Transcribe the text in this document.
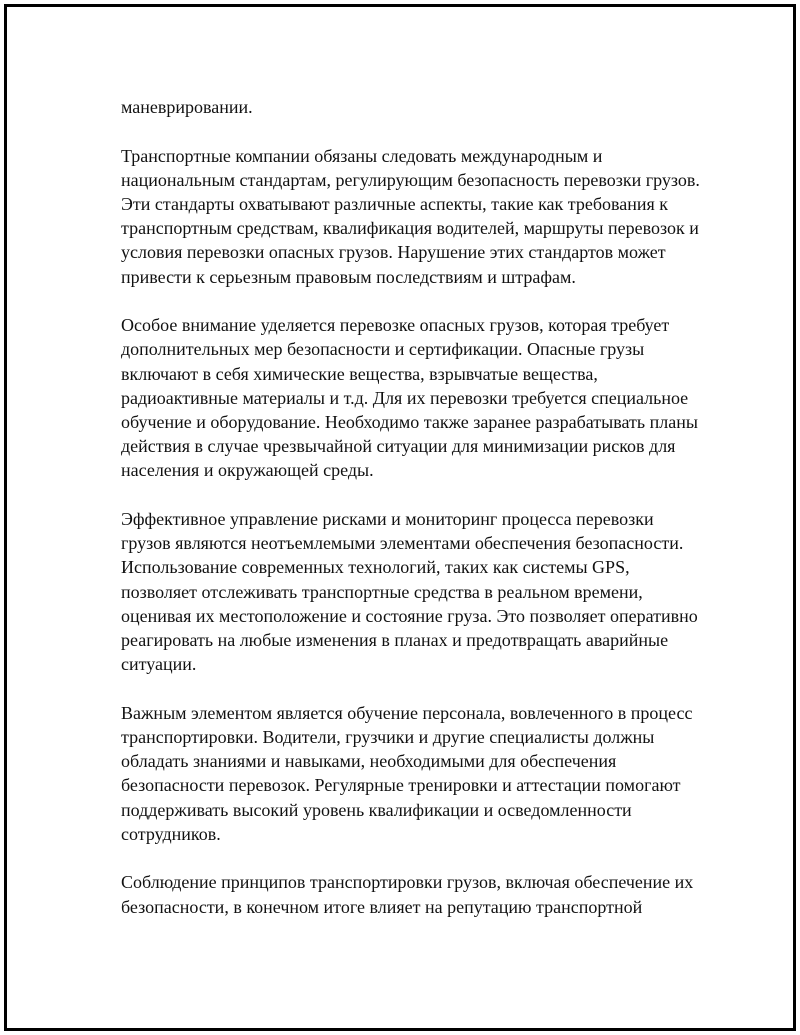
маневрировании.

Транспортные компании обязаны следовать международным и национальным стандартам, регулирующим безопасность перевозки грузов. Эти стандарты охватывают различные аспекты, такие как требования к транспортным средствам, квалификация водителей, маршруты перевозок и условия перевозки опасных грузов. Нарушение этих стандартов может привести к серьезным правовым последствиям и штрафам.

Особое внимание уделяется перевозке опасных грузов, которая требует дополнительных мер безопасности и сертификации. Опасные грузы включают в себя химические вещества, взрывчатые вещества, радиоактивные материалы и т.д. Для их перевозки требуется специальное обучение и оборудование. Необходимо также заранее разрабатывать планы действия в случае чрезвычайной ситуации для минимизации рисков для населения и окружающей среды.

Эффективное управление рисками и мониторинг процесса перевозки грузов являются неотъемлемыми элементами обеспечения безопасности. Использование современных технологий, таких как системы GPS, позволяет отслеживать транспортные средства в реальном времени, оценивая их местоположение и состояние груза. Это позволяет оперативно реагировать на любые изменения в планах и предотвращать аварийные ситуации.

Важным элементом является обучение персонала, вовлеченного в процесс транспортировки. Водители, грузчики и другие специалисты должны обладать знаниями и навыками, необходимыми для обеспечения безопасности перевозок. Регулярные тренировки и аттестации помогают поддерживать высокий уровень квалификации и осведомленности сотрудников.

Соблюдение принципов транспортировки грузов, включая обеспечение их безопасности, в конечном итоге влияет на репутацию транспортной
